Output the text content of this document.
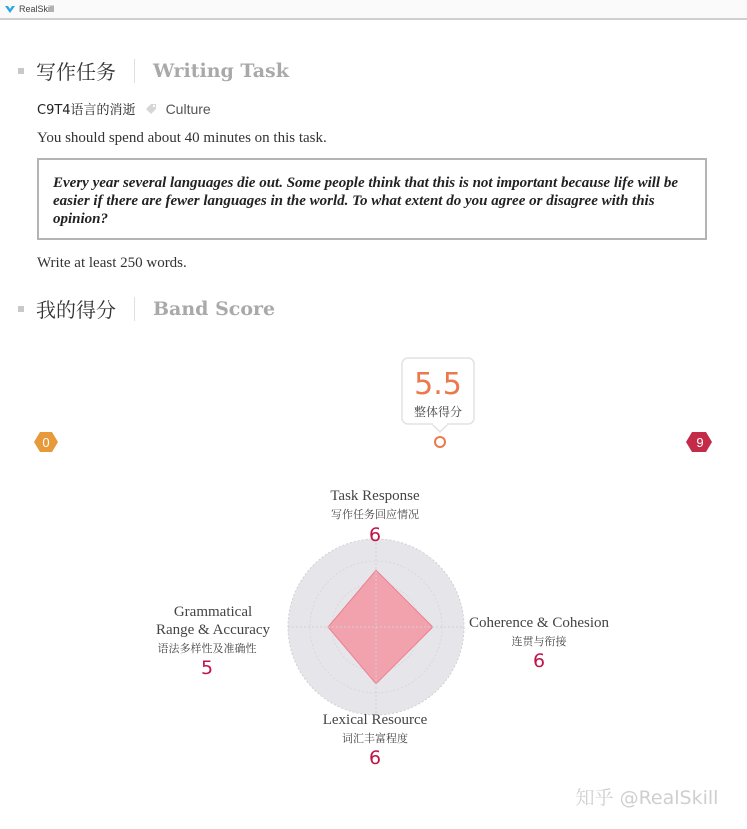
RealSkill
写作任务 Writing Task
C9T4语言的消逝 Culture
You should spend about 40 minutes on this task.

Every year several languages die out. Some people think that this is not important because life will be easier if there are fewer languages in the world. To what extent do you agree or disagree with this opinion?

Write at least 250 words.
我的得分 Band Score
0	9
5.5
整体得分
Task Response
写作任务回应情况
6
Coherence & Cohesion
连贯与衔接
6
Lexical Resource
词汇丰富程度
6
Grammatical Range & Accuracy
语法多样性及准确性
5
知乎 @RealSkill
